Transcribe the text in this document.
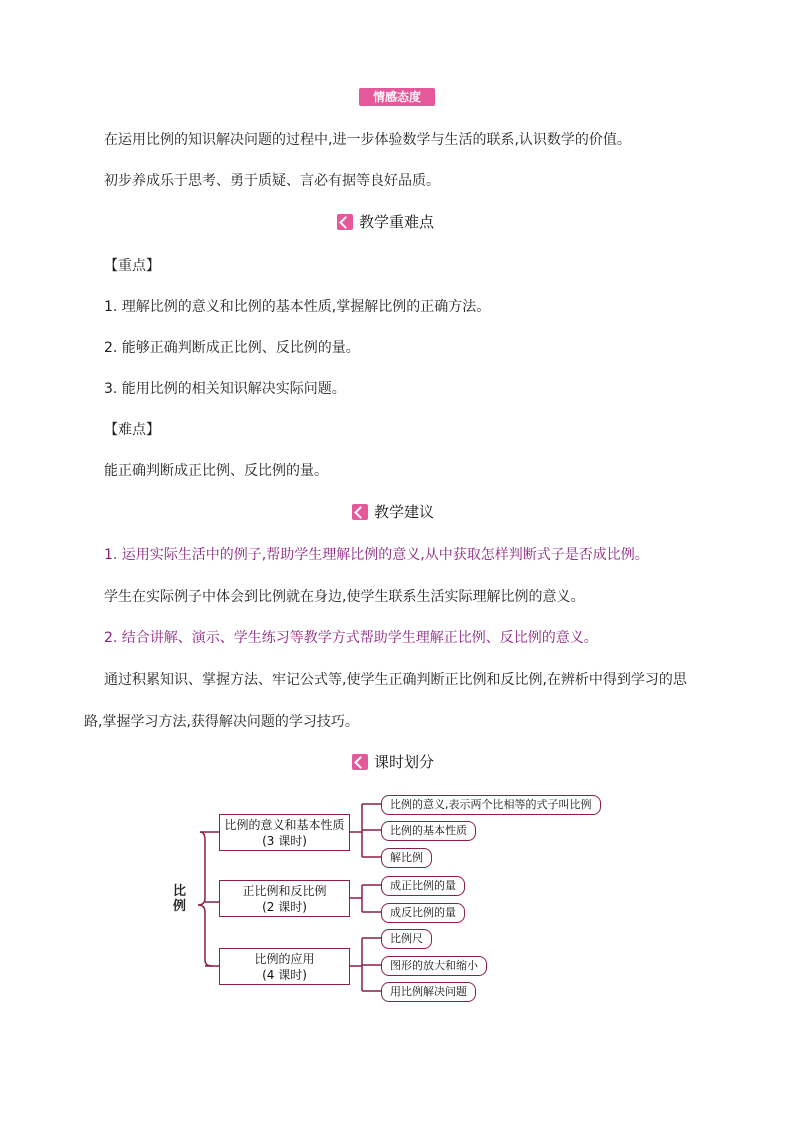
情感态度
在运用比例的知识解决问题的过程中,进一步体验数学与生活的联系,认识数学的价值。
初步养成乐于思考、勇于质疑、言必有据等良好品质。
教学重难点
【重点】
1. 理解比例的意义和比例的基本性质,掌握解比例的正确方法。
2. 能够正确判断成正比例、反比例的量。
3. 能用比例的相关知识解决实际问题。
【难点】
能正确判断成正比例、反比例的量。
教学建议
1. 运用实际生活中的例子,帮助学生理解比例的意义,从中获取怎样判断式子是否成比例。
学生在实际例子中体会到比例就在身边,使学生联系生活实际理解比例的意义。
2. 结合讲解、演示、学生练习等教学方式帮助学生理解正比例、反比例的意义。
通过积累知识、掌握方法、牢记公式等,使学生正确判断正比例和反比例,在辨析中得到学习的思
路,掌握学习方法,获得解决问题的学习技巧。
课时划分
比例
比例的意义和基本性质
(3 课时)
正比例和反比例
(2 课时)
比例的应用
(4 课时)
比例的意义,表示两个比相等的式子叫比例
比例的基本性质
解比例
成正比例的量
成反比例的量
比例尺
图形的放大和缩小
用比例解决问题
